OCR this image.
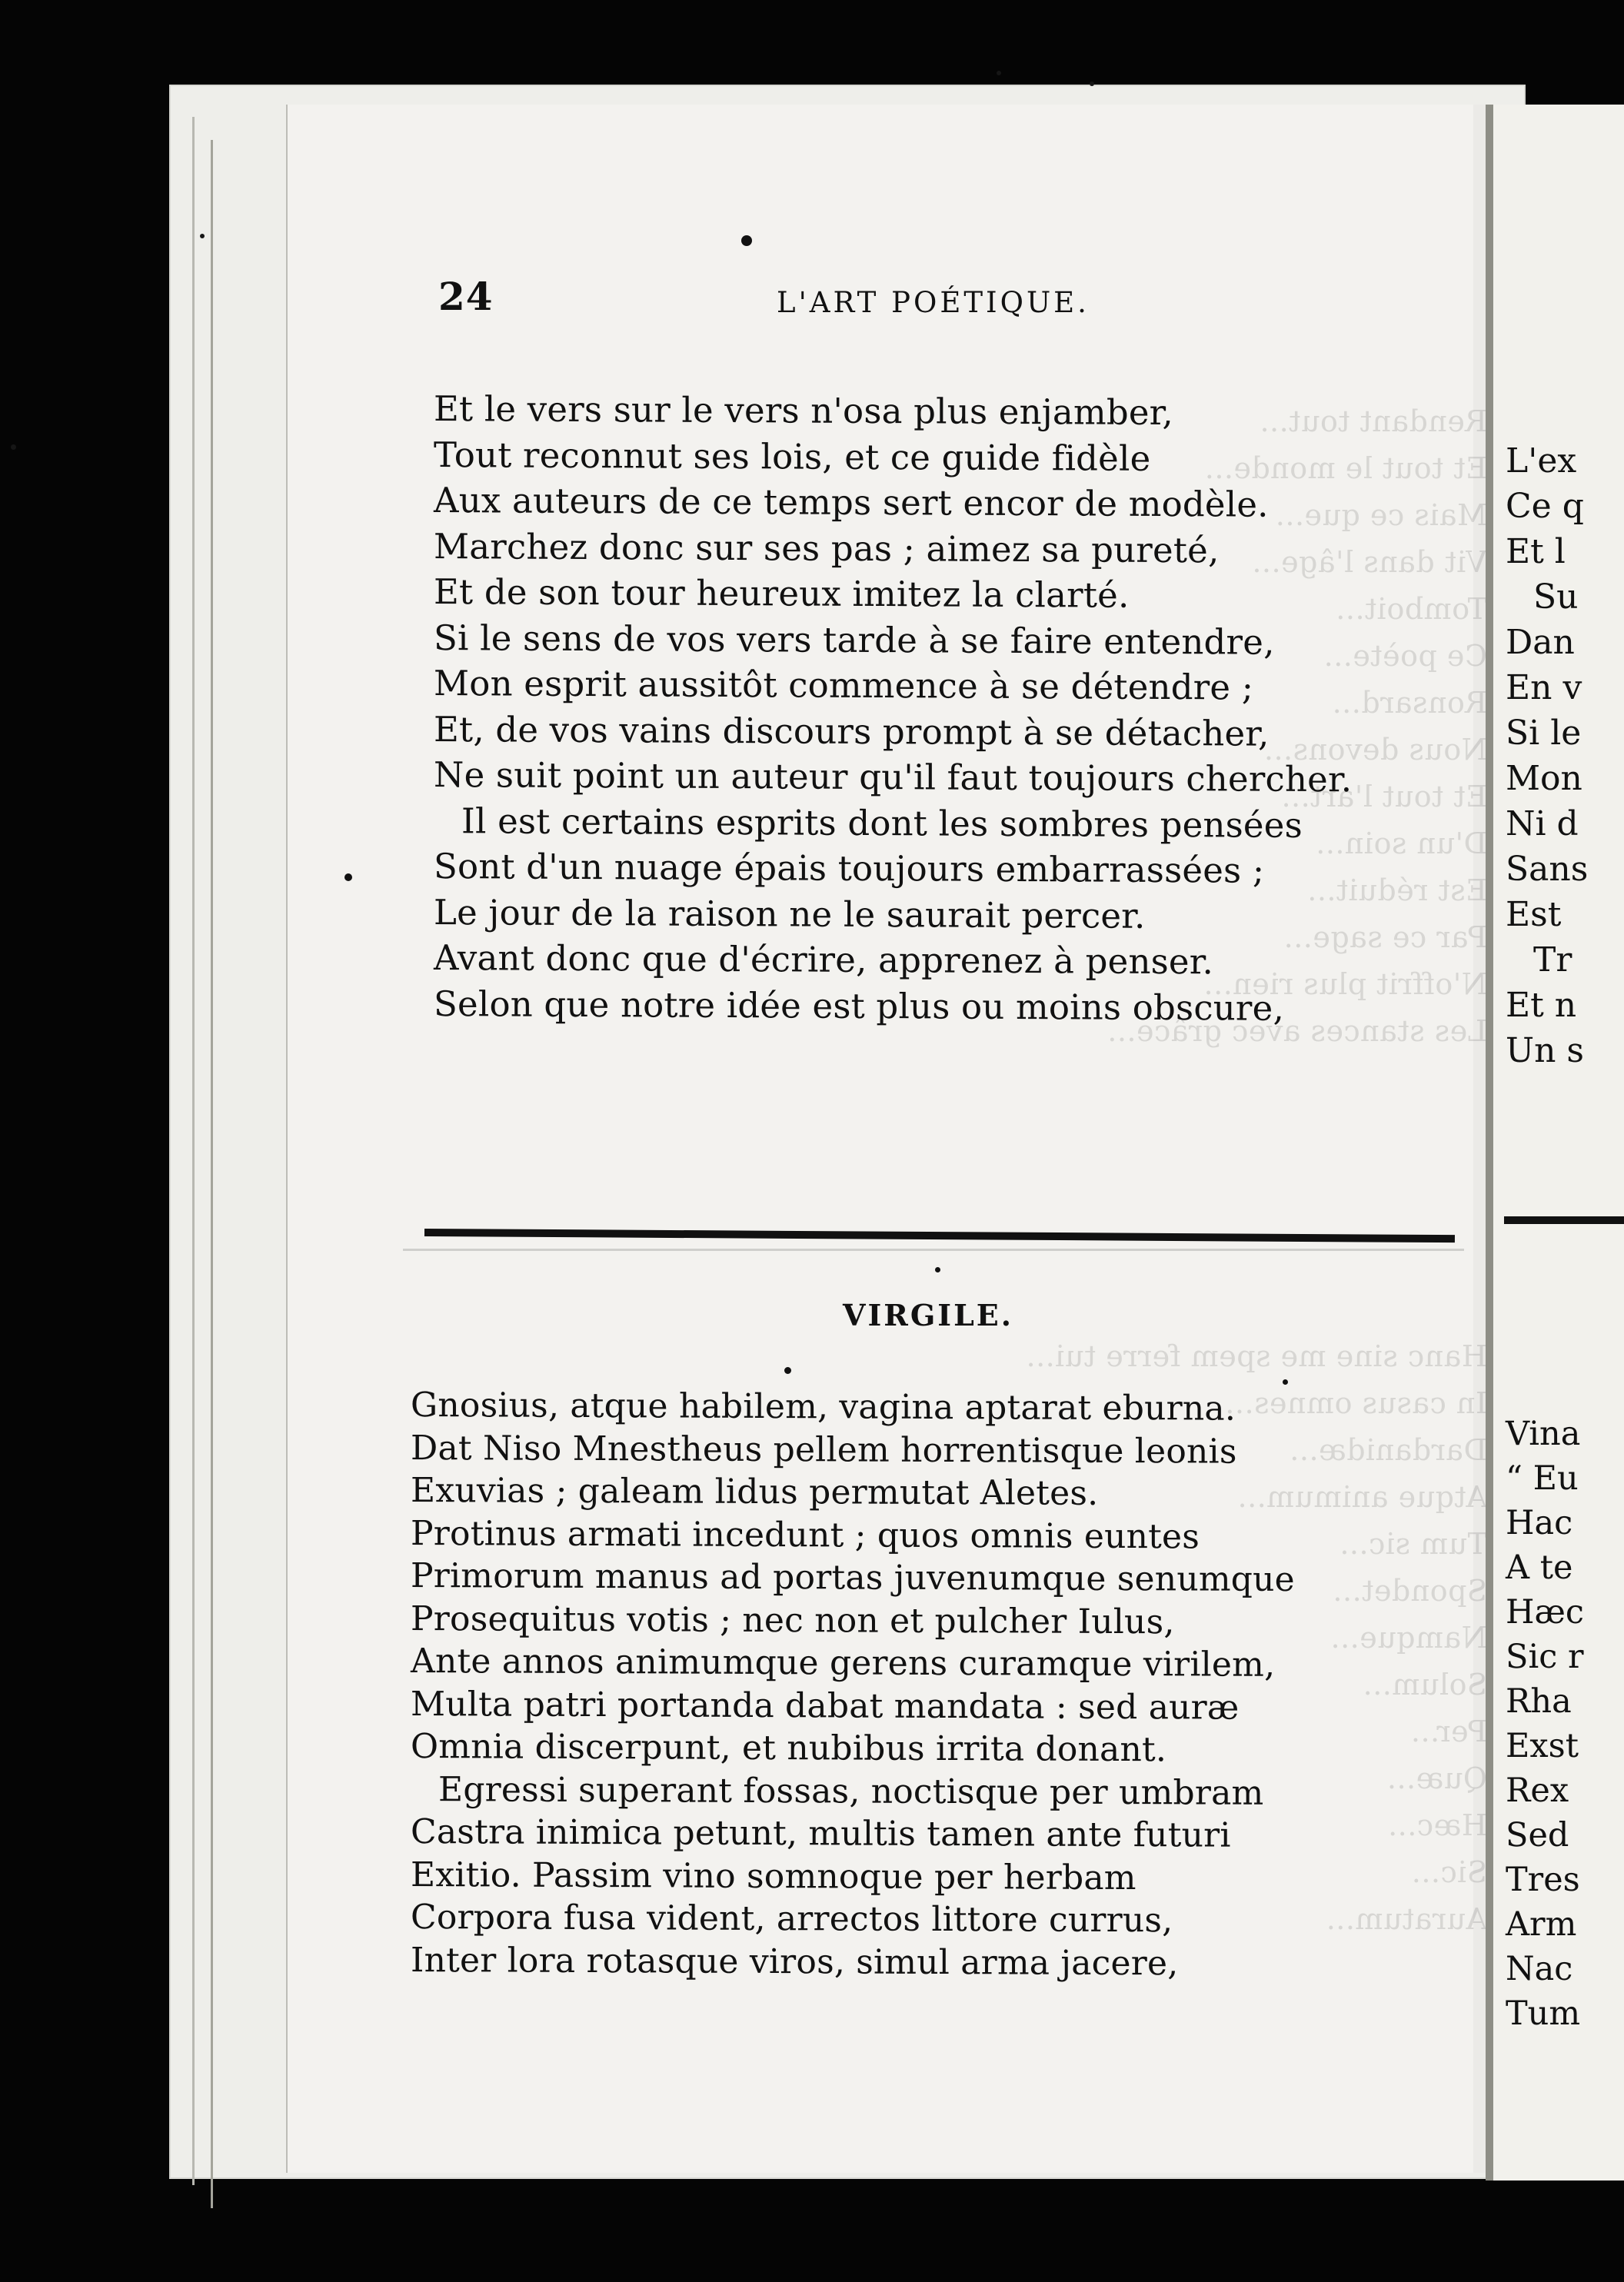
Rendant tout...
Et tout le monde...
Mais ce que...
Vit dans l'âge...
Tomboit...
Ce poète...
Ronsard...
Nous devons...
Et tout l'art...
D'un soin...
Est réduit...
Par ce sage...
N'offrit plus rien...
Les stances avec grâce...
Hanc sine me spem ferre tui...
In casus omnes...
Dardanidæ...
Atque animum...
Tum sic...
Spondet...
Namque...
Solum...
Per...
Quæ...
Hæc...
Sic...
Auratum...
24	L'ART POÉTIQUE.
Et le vers sur le vers n'osa plus enjamber,
Tout reconnut ses lois, et ce guide fidèle
Aux auteurs de ce temps sert encor de modèle.
Marchez donc sur ses pas ; aimez sa pureté,
Et de son tour heureux imitez la clarté.
Si le sens de vos vers tarde à se faire entendre,
Mon esprit aussitôt commence à se détendre ;
Et, de vos vains discours prompt à se détacher,
Ne suit point un auteur qu'il faut toujours chercher.
Il est certains esprits dont les sombres pensées
Sont d'un nuage épais toujours embarrassées ;
Le jour de la raison ne le saurait percer.
Avant donc que d'écrire, apprenez à penser.
Selon que notre idée est plus ou moins obscure,
VIRGILE.
Gnosius, atque habilem, vagina aptarat eburna.
Dat Niso Mnestheus pellem horrentisque leonis
Exuvias ; galeam lidus permutat Aletes.
Protinus armati incedunt ; quos omnis euntes
Primorum manus ad portas juvenumque senumque
Prosequitus votis ; nec non et pulcher Iulus,
Ante annos animumque gerens curamque virilem,
Multa patri portanda dabat mandata : sed auræ
Omnia discerpunt, et nubibus irrita donant.
Egressi superant fossas, noctisque per umbram
Castra inimica petunt, multis tamen ante futuri
Exitio. Passim vino somnoque per herbam
Corpora fusa vident, arrectos littore currus,
Inter lora rotasque viros, simul arma jacere,
L'ex
Ce q
Et l
Su
Dan
En v
Si le
Mon
Ni d
Sans
Est
Tr
Et n
Un s
Vina
“ Eu
Hac
A te
Hæc
Sic r
Rha
Exst
Rex
Sed
Tres
Arm
Nac
Tum
